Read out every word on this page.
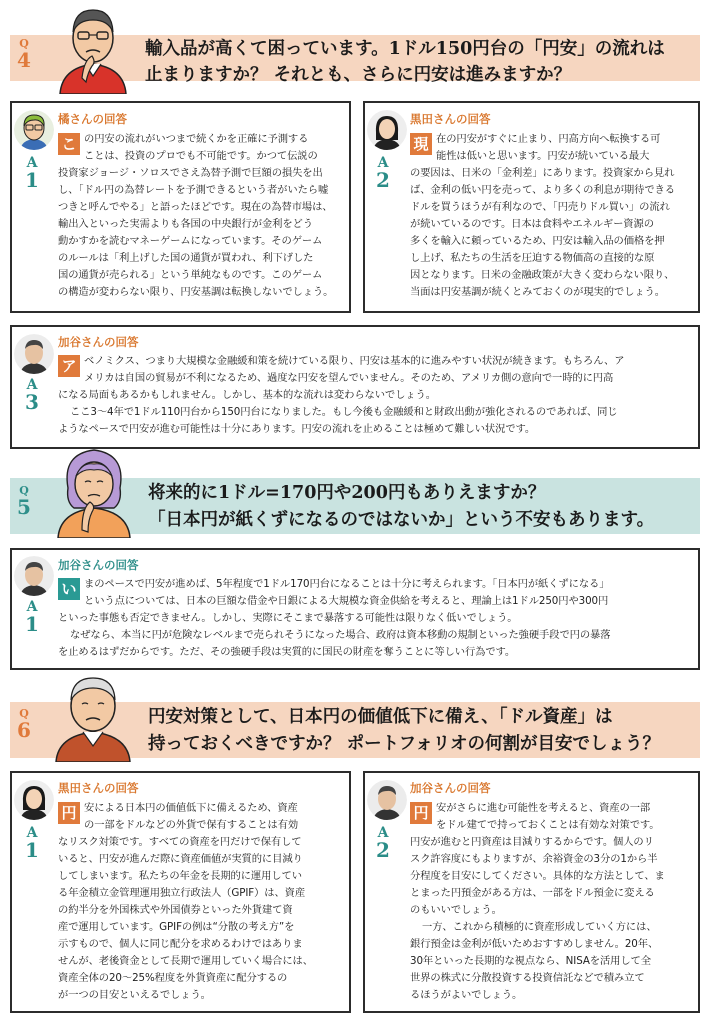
Q
4	輸入品が高くて困っています。1ドル150円台の「円安」の流れは
止まりますか？ それとも、さらに円安は進みますか？
橘さんの回答
A
1
こ の円安の流れがいつまで続くかを正確に予測する

ことは、投資のプロでも不可能です。かつて伝説の

投資家ジョージ・ソロスでさえ為替予測で巨額の損失を出

し、「ドル円の為替レートを予測できるという者がいたら嘘

つきと呼んでやる」と語ったほどです。現在の為替市場は、

輸出入といった実需よりも各国の中央銀行が金利をどう

動かすかを読むマネーゲームになっています。そのゲーム

のルールは「利上げした国の通貨が買われ、利下げした

国の通貨が売られる」という単純なものです。このゲーム

の構造が変わらない限り、円安基調は転換しないでしょう。

黒田さんの回答
A
2
現 在の円安がすぐに止まり、円高方向へ転換する可

能性は低いと思います。円安が続いている最大

の要因は、日米の「金利差」にあります。投資家から見れ

ば、金利の低い円を売って、より多くの利息が期待できる

ドルを買うほうが有利なので、「円売りドル買い」の流れ

が続いているのです。日本は食料やエネルギー資源の

多くを輸入に頼っているため、円安は輸入品の価格を押

し上げ、私たちの生活を圧迫する物価高の直接的な原

因となります。日米の金融政策が大きく変わらない限り、

当面は円安基調が続くとみておくのが現実的でしょう。

加谷さんの回答
A
3
ア ベノミクス、つまり大規模な金融緩和策を続けている限り、円安は基本的に進みやすい状況が続きます。もちろん、ア

メリカは自国の貿易が不利になるため、過度な円安を望んでいません。そのため、アメリカ側の意向で一時的に円高

になる局面もあるかもしれません。しかし、基本的な流れは変わらないでしょう。

ここ3～4年で1ドル110円台から150円台になりました。もし今後も金融緩和と財政出動が強化されるのであれば、同じ

ようなペースで円安が進む可能性は十分にあります。円安の流れを止めることは極めて難しい状況です。

Q
5
将来的に1ドル=170円や200円もありえますか？
「日本円が紙くずになるのではないか」という不安もあります。
加谷さんの回答
A
1
い まのペースで円安が進めば、5年程度で1ドル170円台になることは十分に考えられます。「日本円が紙くずになる」

という点については、日本の巨額な借金や日銀による大規模な資金供給を考えると、理論上は1ドル250円や300円

といった事態も否定できません。しかし、実際にそこまで暴落する可能性は限りなく低いでしょう。

なぜなら、本当に円が危険なレベルまで売られそうになった場合、政府は資本移動の規制といった強硬手段で円の暴落

を止めるはずだからです。ただ、その強硬手段は実質的に国民の財産を奪うことに等しい行為です。

Q
6
円安対策として、日本円の価値低下に備え、「ドル資産」は
持っておくべきですか？ ポートフォリオの何割が目安でしょう？
黒田さんの回答
A
1
円 安による日本円の価値低下に備えるため、資産

の一部をドルなどの外貨で保有することは有効

なリスク対策です。すべての資産を円だけで保有して

いると、円安が進んだ際に資産価値が実質的に目減り

してしまいます。私たちの年金を長期的に運用してい

る年金積立金管理運用独立行政法人（GPIF）は、資産

の約半分を外国株式や外国債券といった外貨建て資

産で運用しています。GPIFの例は“分散の考え方”を

示すもので、個人に同じ配分を求めるわけではありま

せんが、老後資金として長期で運用していく場合には、

資産全体の20～25%程度を外貨資産に配分するの

が一つの目安といえるでしょう。

加谷さんの回答
A
2
円 安がさらに進む可能性を考えると、資産の一部

をドル建てで持っておくことは有効な対策です。

円安が進むと円資産は目減りするからです。個人のリ

スク許容度にもよりますが、余裕資金の3分の1から半

分程度を目安にしてください。具体的な方法として、ま

とまった円預金がある方は、一部をドル預金に変える

のもいいでしょう。

一方、これから積極的に資産形成していく方には、

銀行預金は金利が低いためおすすめしません。20年、

30年といった長期的な視点なら、NISAを活用して全

世界の株式に分散投資する投資信託などで積み立て

るほうがよいでしょう。
